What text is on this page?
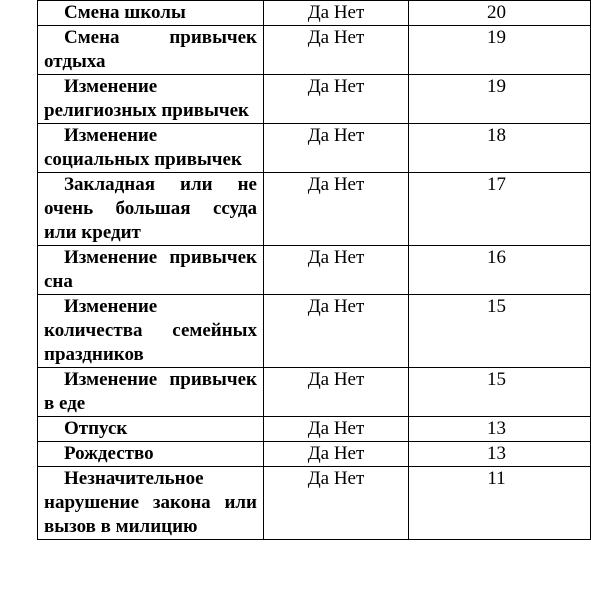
Смена школы	Да Нет	20

Смена привычек отдыха	Да Нет	19

Изменение религиозных привычек	Да Нет	19

Изменение социальных привычек	Да Нет	18

Закладная или не очень большая ссуда или кредит	Да Нет	17

Изменение привычек сна	Да Нет	16

Изменение количества семейных праздников	Да Нет	15

Изменение привычек в еде	Да Нет	15

Отпуск	Да Нет	13

Рождество	Да Нет	13

Незначительное нарушение закона или вызов в милицию	Да Нет	11
